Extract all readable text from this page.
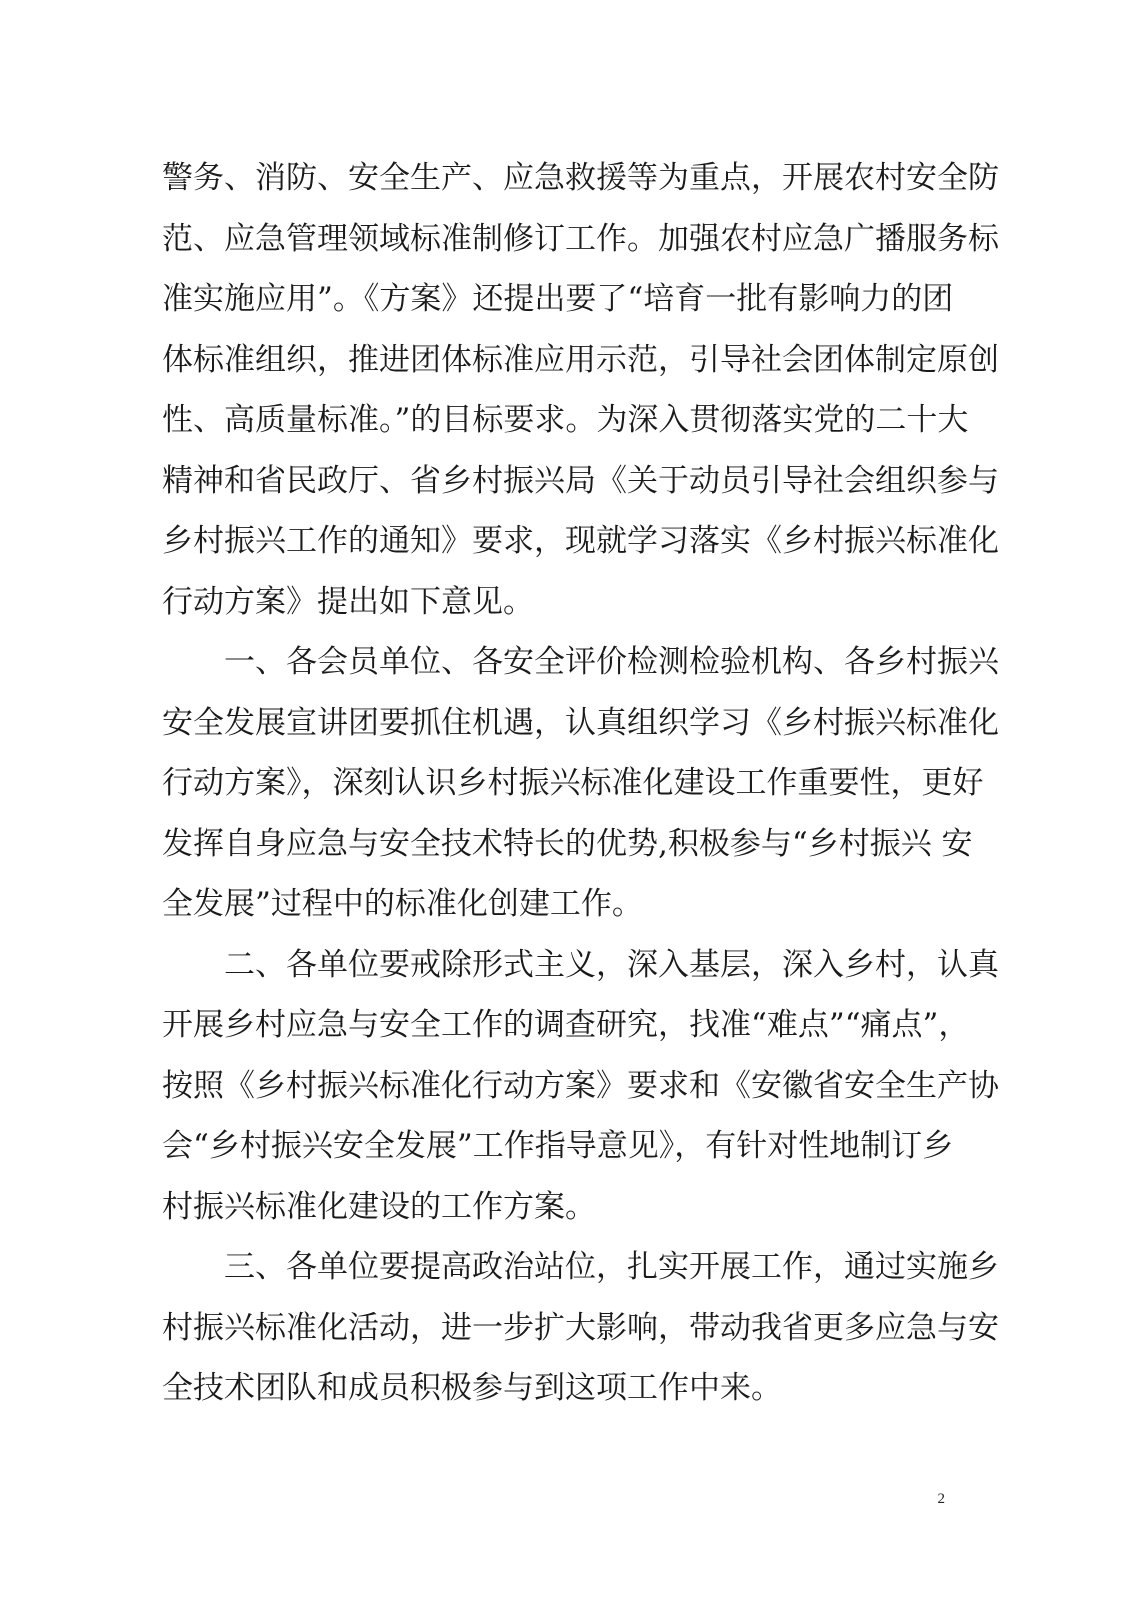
警务、消防、安全生产、应急救援等为重点，开展农村安全防
范、应急管理领域标准制修订工作。加强农村应急广播服务标
准实施应用”。《方案》还提出要了“培育一批有影响力的团
体标准组织，推进团体标准应用示范，引导社会团体制定原创
性、高质量标准。”的目标要求。为深入贯彻落实党的二十大
精神和省民政厅、省乡村振兴局《关于动员引导社会组织参与
乡村振兴工作的通知》要求，现就学习落实《乡村振兴标准化
行动方案》提出如下意见。
　　一、各会员单位、各安全评价检测检验机构、各乡村振兴
安全发展宣讲团要抓住机遇，认真组织学习《乡村振兴标准化
行动方案》，深刻认识乡村振兴标准化建设工作重要性，更好
发挥自身应急与安全技术特长的优势,积极参与“乡村振兴 安
全发展”过程中的标准化创建工作。
　　二、各单位要戒除形式主义，深入基层，深入乡村，认真
开展乡村应急与安全工作的调查研究，找准“难点”“痛点”，
按照《乡村振兴标准化行动方案》要求和《安徽省安全生产协
会“乡村振兴安全发展”工作指导意见》，有针对性地制订乡
村振兴标准化建设的工作方案。
　　三、各单位要提高政治站位，扎实开展工作，通过实施乡
村振兴标准化活动，进一步扩大影响，带动我省更多应急与安
全技术团队和成员积极参与到这项工作中来。
2
